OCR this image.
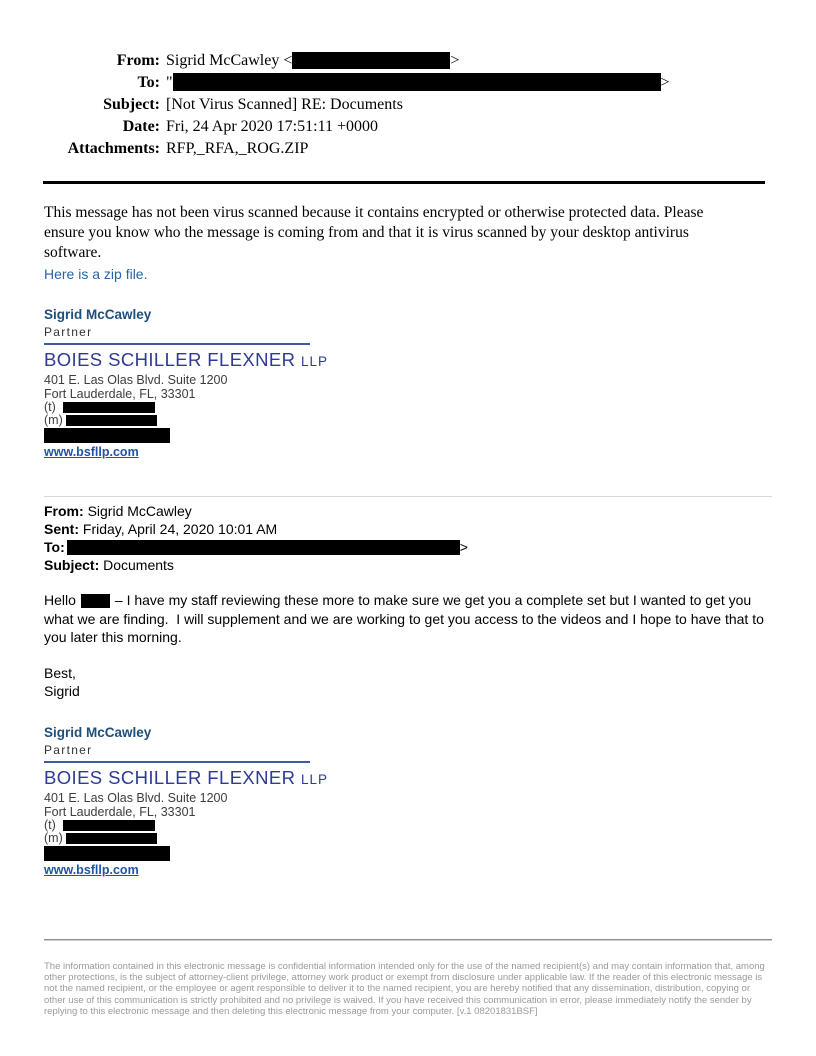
From: Sigrid McCawley <	>
To: "	>
Subject: [Not Virus Scanned] RE: Documents
Date: Fri, 24 Apr 2020 17:51:11 +0000
Attachments: RFP,_RFA,_ROG.ZIP
This message has not been virus scanned because it contains encrypted or otherwise protected data. Please ensure you know who the message is coming from and that it is virus scanned by your desktop antivirus software.
Here is a zip file.
Sigrid McCawley
Partner
BOIES SCHILLER FLEXNER LLP
401 E. Las Olas Blvd. Suite 1200
Fort Lauderdale, FL, 33301
(t)
(m)
www.bsfllp.com
From: Sigrid McCawley
Sent: Friday, April 24, 2020 10:01 AM
To:	>
Subject: Documents
Hello	– I have my staff reviewing these more to make sure we get you a complete set but I wanted to get you what we are finding.  I will supplement and we are working to get you access to the videos and I hope to have that to you later this morning.
Best,
Sigrid
Sigrid McCawley
Partner
BOIES SCHILLER FLEXNER LLP
401 E. Las Olas Blvd. Suite 1200
Fort Lauderdale, FL, 33301
(t)
(m)
www.bsfllp.com
The information contained in this electronic message is confidential information intended only for the use of the named recipient(s) and may contain information that, among other protections, is the subject of attorney-client privilege, attorney work product or exempt from disclosure under applicable law. If the reader of this electronic message is not the named recipient, or the employee or agent responsible to deliver it to the named recipient, you are hereby notified that any dissemination, distribution, copying or other use of this communication is strictly prohibited and no privilege is waived. If you have received this communication in error, please immediately notify the sender by replying to this electronic message and then deleting this electronic message from your computer. [v.1 08201831BSF]
